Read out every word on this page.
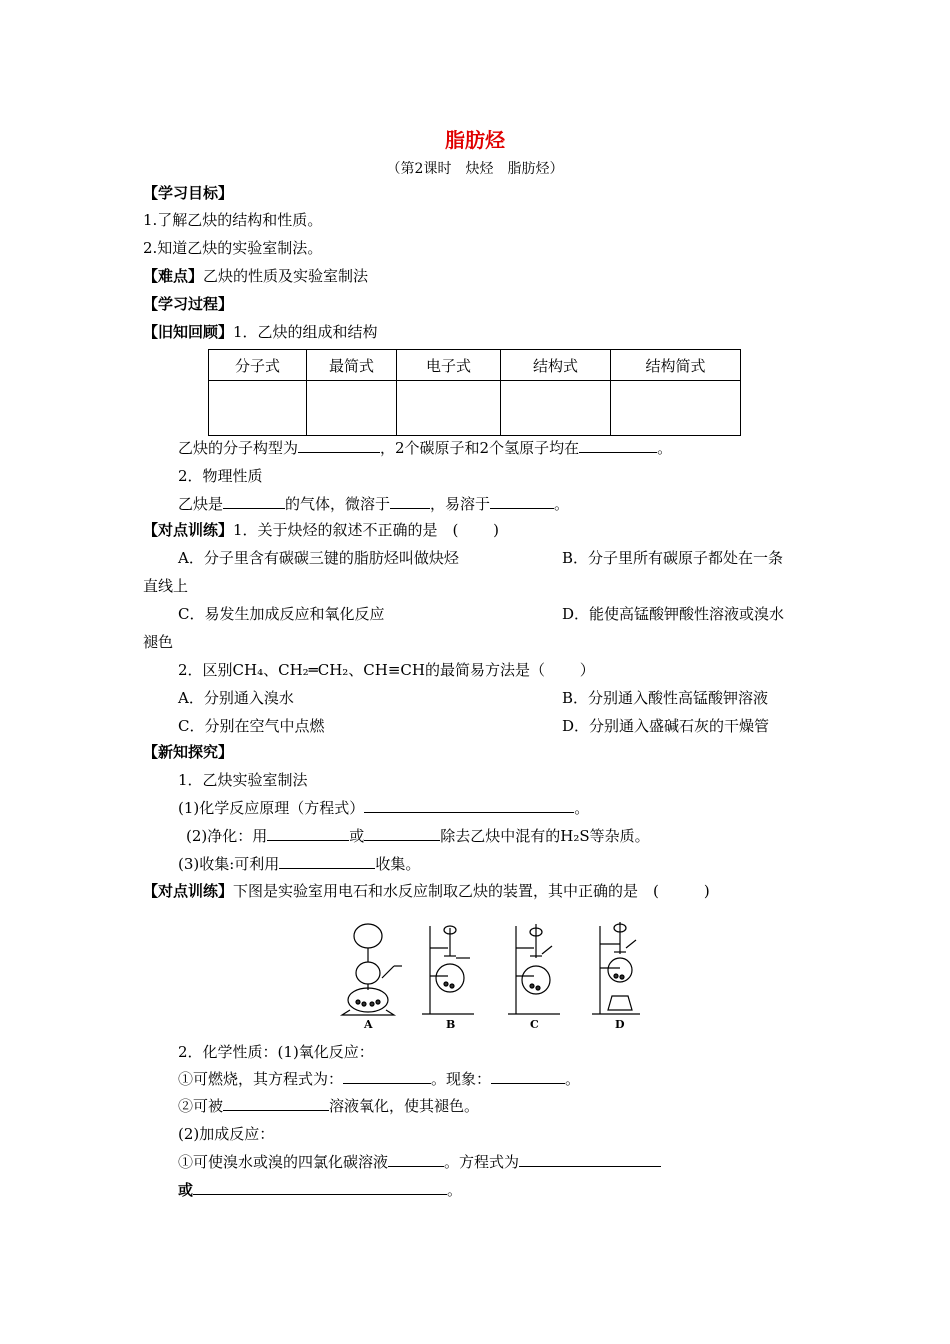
脂肪烃
（第2课时　炔烃　脂肪烃）
【学习目标】
1.了解乙炔的结构和性质。
2.知道乙炔的实验室制法。
【难点】乙炔的性质及实验室制法
【学习过程】
【旧知回顾】1．乙炔的组成和结构
分子式	最简式	电子式	结构式	结构简式

乙炔的分子构型为	，2个碳原子和2个氢原子均在	。
2．物理性质
乙炔是	的气体，微溶于	，易溶于	。
【对点训练】1．关于炔烃的叙述不正确的是　(　　 )
A．分子里含有碳碳三键的脂肪烃叫做炔烃	B．分子里所有碳原子都处在一条
直线上
C．易发生加成反应和氧化反应	D．能使高锰酸钾酸性溶液或溴水
褪色
2．区别CH₄、CH₂═CH₂、CH≡CH的最简易方法是（　　 ）
A．分别通入溴水	B．分别通入酸性高锰酸钾溶液
C．分别在空气中点燃	D．分别通入盛碱石灰的干燥管
【新知探究】
1．乙炔实验室制法
(1)化学反应原理（方程式）	。
(2)净化：用	或	除去乙炔中混有的H₂S等杂质。
(3)收集:可利用	收集。
【对点训练】下图是实验室用电石和水反应制取乙炔的装置，其中正确的是　(　　　)
A	B	C	D
2．化学性质：(1)氧化反应：
①可燃烧，其方程式为：	。现象：	。
②可被	溶液氧化，使其褪色。
(2)加成反应：
①可使溴水或溴的四氯化碳溶液	。方程式为
或	。
